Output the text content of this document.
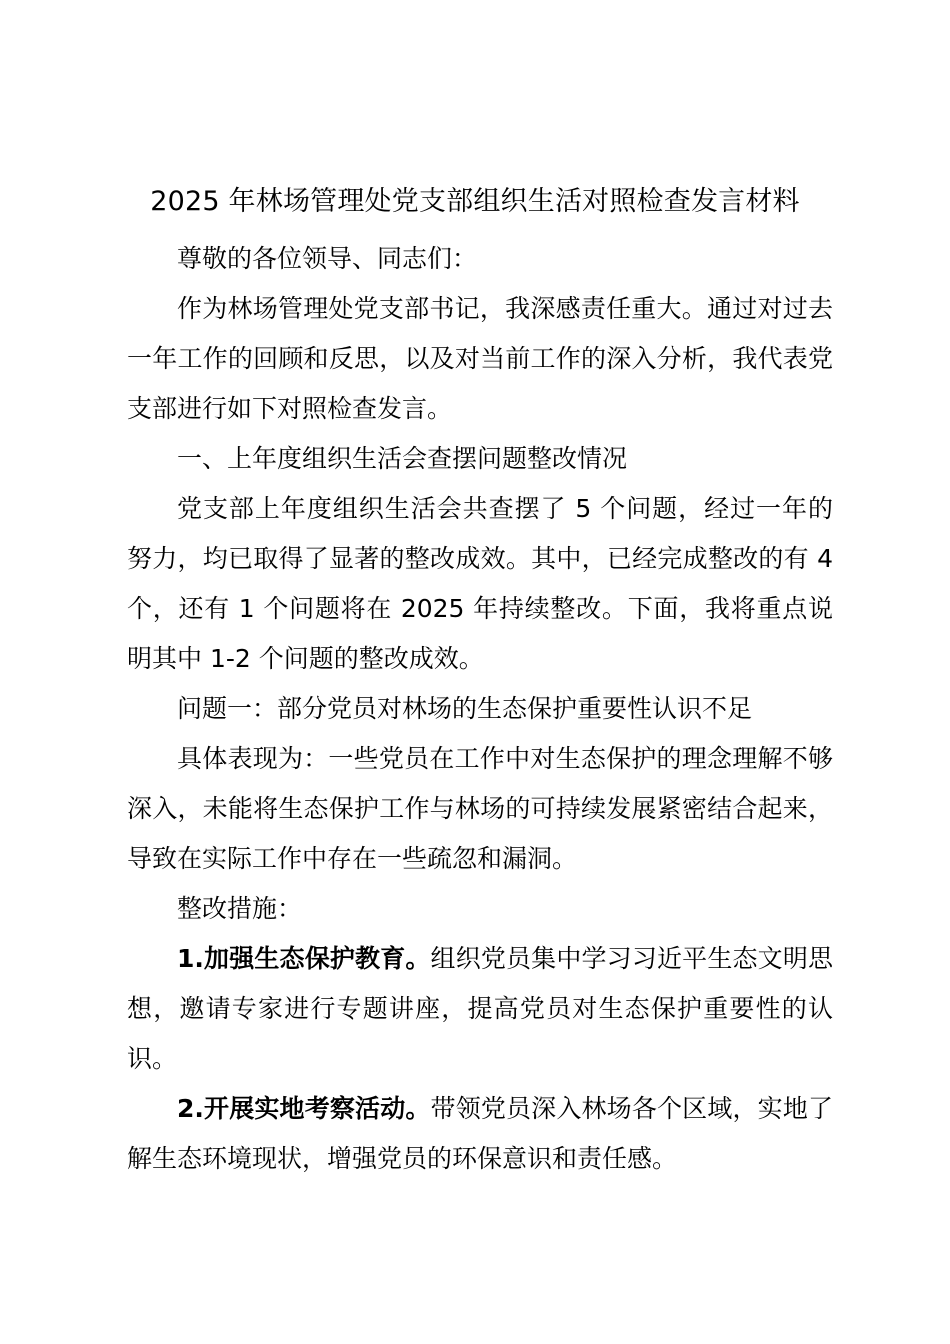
2025 年林场管理处党支部组织生活对照检查发言材料

尊敬的各位领导、同志们：

作为林场管理处党支部书记，我深感责任重大。通过对过去一年工作的回顾和反思，以及对当前工作的深入分析，我代表党支部进行如下对照检查发言。

一、上年度组织生活会查摆问题整改情况

党支部上年度组织生活会共查摆了 5 个问题，经过一年的努力，均已取得了显著的整改成效。其中，已经完成整改的有 4 个，还有 1 个问题将在 2025 年持续整改。下面，我将重点说明其中 1-2 个问题的整改成效。

问题一：部分党员对林场的生态保护重要性认识不足

具体表现为：一些党员在工作中对生态保护的理念理解不够深入，未能将生态保护工作与林场的可持续发展紧密结合起来，导致在实际工作中存在一些疏忽和漏洞。

整改措施：

1.加强生态保护教育。组织党员集中学习习近平生态文明思想，邀请专家进行专题讲座，提高党员对生态保护重要性的认识。

2.开展实地考察活动。带领党员深入林场各个区域，实地了解生态环境现状，增强党员的环保意识和责任感。
